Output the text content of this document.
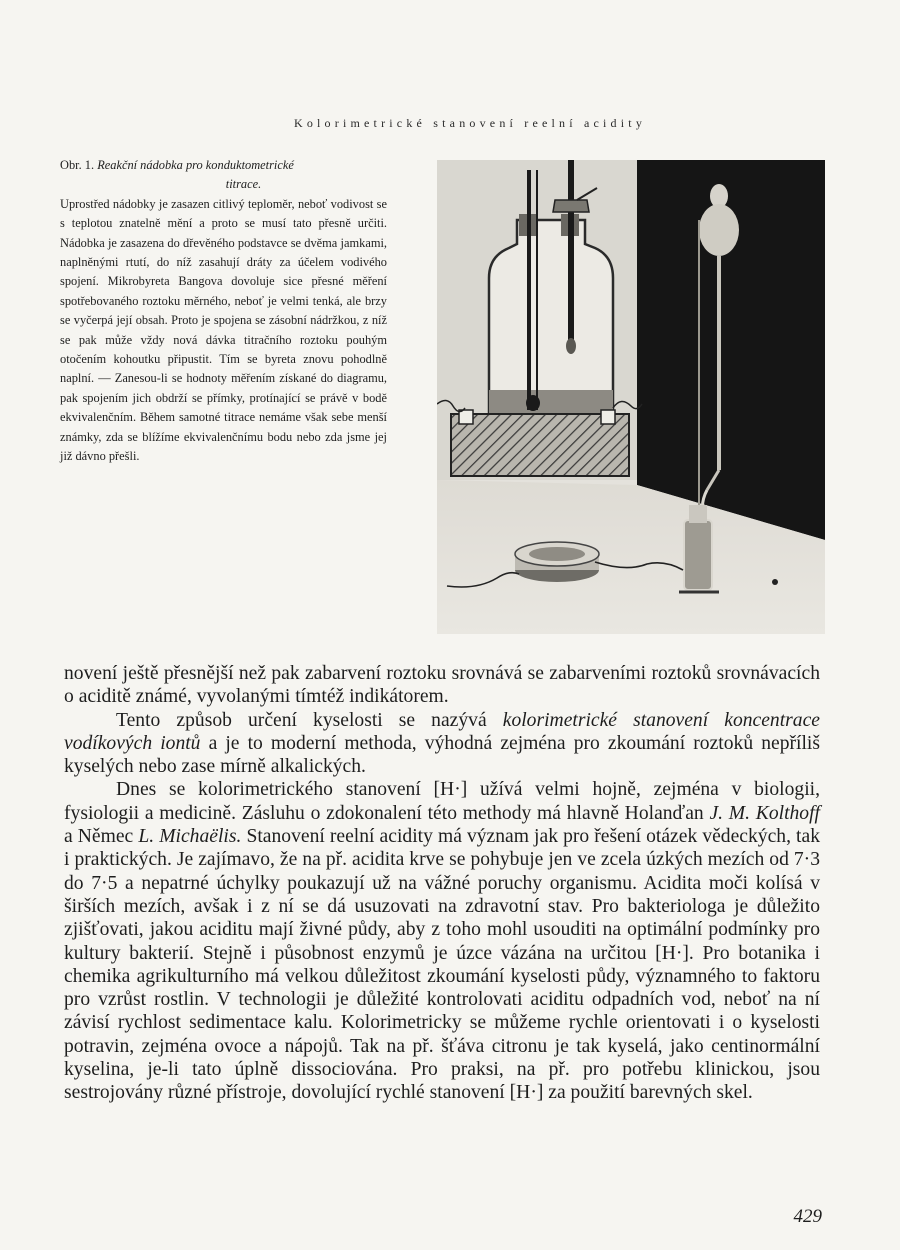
Kolorimetrické stanovení reelní acidity
Obr. 1. Reakční nádobka pro konduktometrické
titrace.
Uprostřed nádobky je zasazen citlivý teploměr, neboť vodivost se s teplotou znatelně mění a proto se musí tato přesně určiti. Nádobka je zasazena do dřevěného podstavce se dvěma jamkami, naplněnými rtutí, do níž zasahují dráty za účelem vodivého spojení. Mikrobyreta Bangova dovoluje sice přesné měření spotřebovaného roztoku měrného, neboť je velmi tenká, ale brzy se vyčerpá její obsah. Proto je spojena se zásobní nádržkou, z níž se pak může vždy nová dávka titračního roztoku pouhým otočením kohoutku připustit. Tím se byreta znovu pohodlně naplní. — Zanesou-li se hodnoty měřením získané do diagramu, pak spojením jich obdrží se přímky, protínající se právě v bodě ekvivalenčním. Během samotné titrace nemáme však sebe menší známky, zda se blížíme ekvivalenčnímu bodu nebo zda jsme jej již dávno přešli.

novení ještě přesnější než pak zabarvení roztoku srovnává se zabarveními roztoků srovnávacích o aciditě známé, vyvolanými tímtéž indikátorem.

Tento způsob určení kyselosti se nazývá kolorimetrické stanovení koncentrace vodíkových iontů a je to moderní methoda, výhodná zejména pro zkoumání roztoků nepříliš kyselých nebo zase mírně alkalických.

Dnes se kolorimetrického stanovení [H·] užívá velmi hojně, zejména v biologii, fysiologii a medicině. Zásluhu o zdokonalení této methody má hlavně Holanďan J. M. Kolthoff a Němec L. Michaëlis. Stanovení reelní acidity má význam jak pro řešení otázek vědeckých, tak i praktických. Je zajímavo, že na př. acidita krve se pohybuje jen ve zcela úzkých mezích od 7·3 do 7·5 a nepatrné úchylky poukazují už na vážné poruchy organismu. Acidita moči kolísá v širších mezích, avšak i z ní se dá usuzovati na zdravotní stav. Pro bakteriologa je důležito zjišťovati, jakou aciditu mají živné půdy, aby z toho mohl usouditi na optimální podmínky pro kultury bakterií. Stejně i působnost enzymů je úzce vázána na určitou [H·]. Pro botanika i chemika agrikulturního má velkou důležitost zkoumání kyselosti půdy, významného to faktoru pro vzrůst rostlin. V technologii je důležité kontrolovati aciditu odpadních vod, neboť na ní závisí rychlost sedimentace kalu. Kolorimetricky se můžeme rychle orientovati i o kyselosti potravin, zejména ovoce a nápojů. Tak na př. šťáva citronu je tak kyselá, jako centinormální kyselina, je-li tato úplně dissociována. Pro praksi, na př. pro potřebu klinickou, jsou sestrojovány různé přístroje, dovolující rychlé stanovení [H·] za použití barevných skel.

429
